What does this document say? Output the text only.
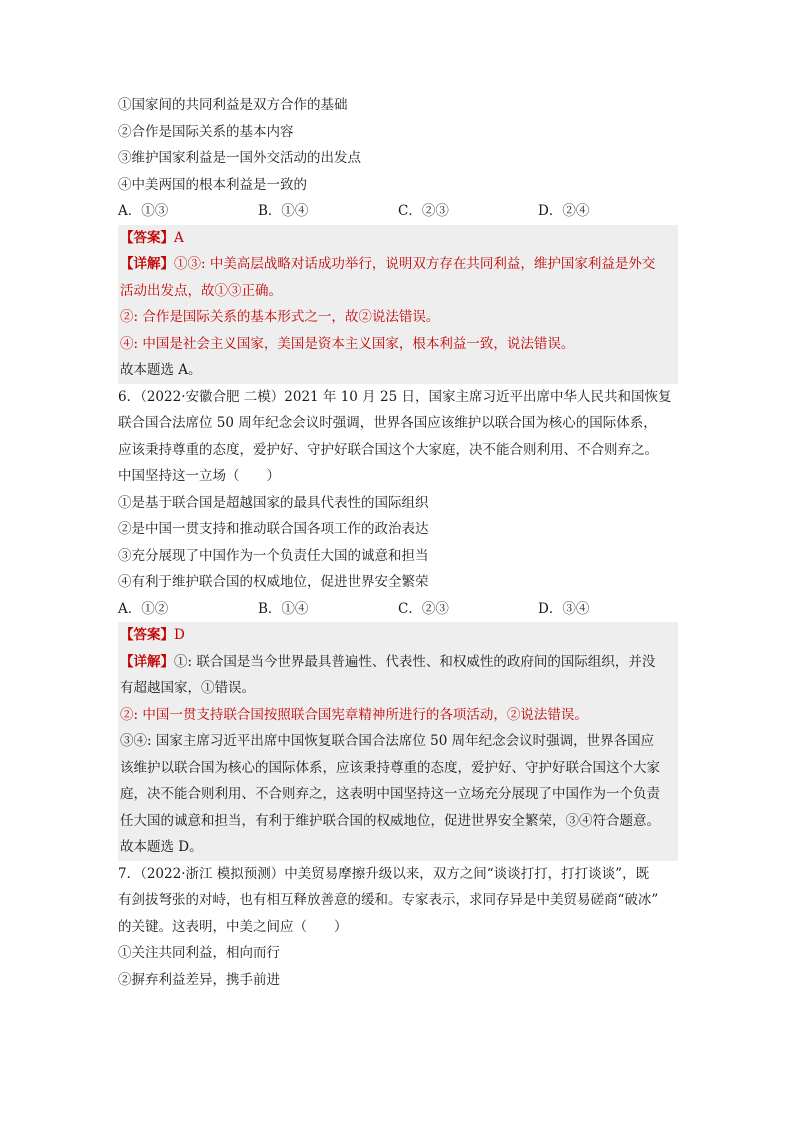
①国家间的共同利益是双方合作的基础
②合作是国际关系的基本内容
③维护国家利益是一国外交活动的出发点
④中美两国的根本利益是一致的
A．①③	B．①④	C．②③	D．②④
【答案】A
【详解】①③: 中美高层战略对话成功举行，说明双方存在共同利益，维护国家利益是外交
活动出发点，故①③正确。
②: 合作是国际关系的基本形式之一，故②说法错误。
④: 中国是社会主义国家，美国是资本主义国家，根本利益一致，说法错误。
故本题选 A。
6．（2022·安徽合肥 二模）2021 年 10 月 25 日，国家主席习近平出席中华人民共和国恢复
联合国合法席位 50 周年纪念会议时强调，世界各国应该维护以联合国为核心的国际体系，
应该秉持尊重的态度，爱护好、守护好联合国这个大家庭，决不能合则利用、不合则弃之。
中国坚持这一立场（　　）
①是基于联合国是超越国家的最具代表性的国际组织
②是中国一贯支持和推动联合国各项工作的政治表达
③充分展现了中国作为一个负责任大国的诚意和担当
④有利于维护联合国的权威地位，促进世界安全繁荣
A．①②	B．①④	C．②③	D．③④
【答案】D
【详解】①: 联合国是当今世界最具普遍性、代表性、和权威性的政府间的国际组织，并没
有超越国家，①错误。
②: 中国一贯支持联合国按照联合国宪章精神所进行的各项活动，②说法错误。
③④: 国家主席习近平出席中国恢复联合国合法席位 50 周年纪念会议时强调，世界各国应
该维护以联合国为核心的国际体系，应该秉持尊重的态度，爱护好、守护好联合国这个大家
庭，决不能合则利用、不合则弃之，这表明中国坚持这一立场充分展现了中国作为一个负责
任大国的诚意和担当，有利于维护联合国的权威地位，促进世界安全繁荣，③④符合题意。
故本题选 D。
7．（2022·浙江 模拟预测）中美贸易摩擦升级以来，双方之间“谈谈打打，打打谈谈”，既
有剑拔弩张的对峙，也有相互释放善意的缓和。专家表示，求同存异是中美贸易磋商“破冰”
的关键。这表明，中美之间应（　　）
①关注共同利益，相向而行
②摒弃利益差异，携手前进
